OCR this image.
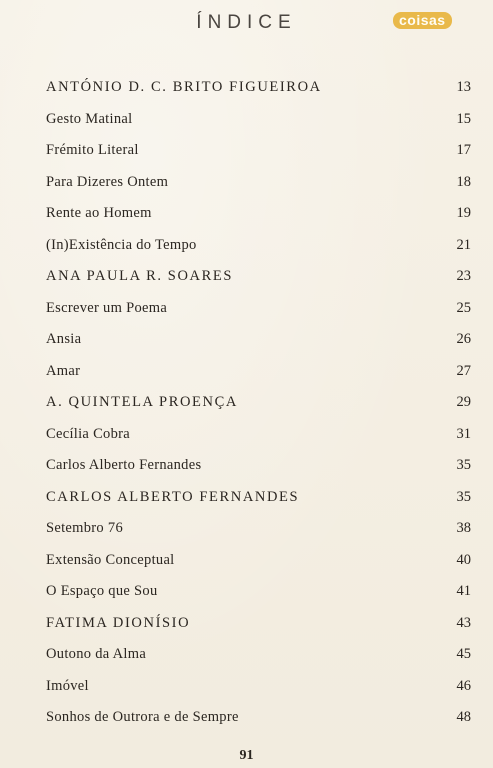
ÍNDICE	coisas
ANTÓNIO D. C. BRITO FIGUEIROA	13
Gesto Matinal	15
Frémito Literal	17
Para Dizeres Ontem	18
Rente ao Homem	19
(In)Existência do Tempo	21
ANA PAULA R. SOARES	23
Escrever um Poema	25
Ansia	26
Amar	27
A. QUINTELA PROENÇA	29
Cecília Cobra	31
Carlos Alberto Fernandes	35
CARLOS ALBERTO FERNANDES	35
Setembro 76	38
Extensão Conceptual	40
O Espaço que Sou	41
FATIMA DIONÍSIO	43
Outono da Alma	45
Imóvel	46
Sonhos de Outrora e de Sempre	48
91
